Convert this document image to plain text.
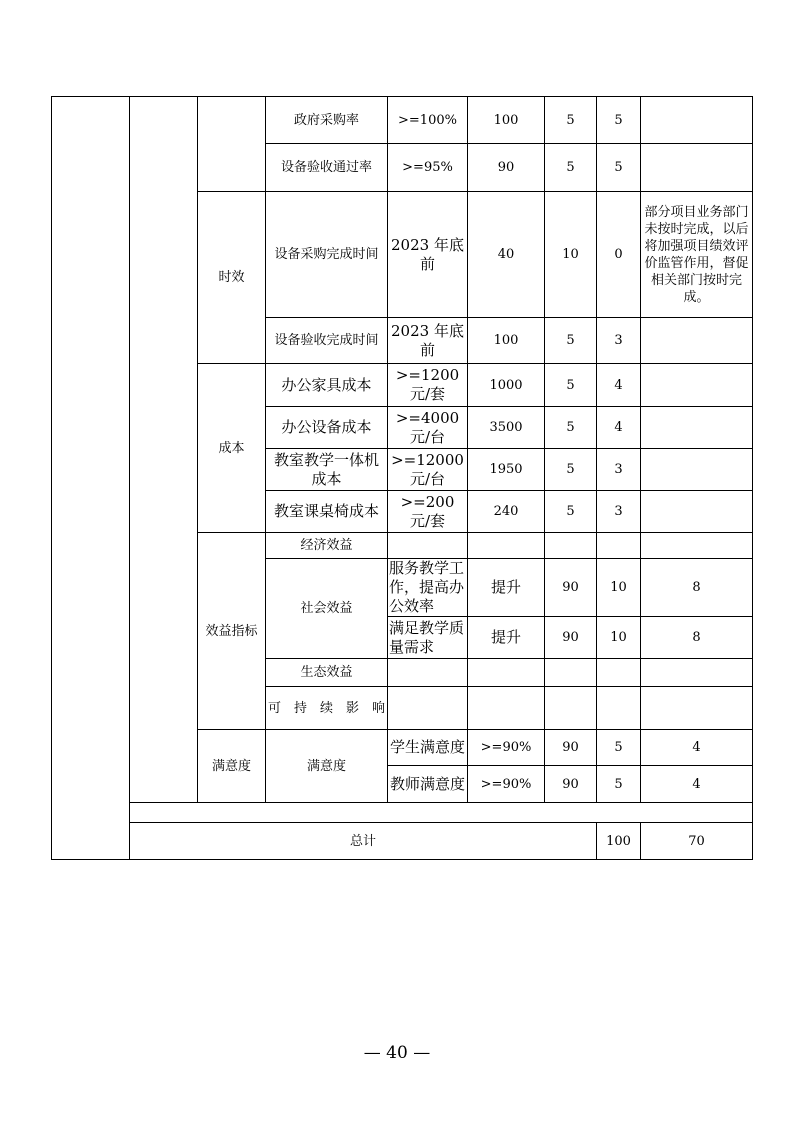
			政府采购率	>=100%	100	5	5		
			设备验收通过率	>=95%	90	5	5		
		时效	设备采购完成时间	2023 年底前	40	10	0	部分项目业务部门未按时完成，以后将加强项目绩效评价监管作用，督促相关部门按时完成。	
			设备验收完成时间	2023 年底前	100	5	3		
		成本	办公家具成本	>=1200 元/套	1000	5	4		
			办公设备成本	>=4000 元/台	3500	5	4		
			教室教学一体机成本	>=12000 元/台	1950	5	3		
			教室课桌椅成本	>=200 元/套	240	5	3		
		效益指标	经济效益						
			社会效益	服务教学工作，提高办公效率	提升	90	10	8	
				满足教学质量需求	提升	90	10	8	
			生态效益						
			可持续影响						
		满意度	满意度	学生满意度	>=90%	90	5	4	
				教师满意度	>=90%	90	5	4	

	总计						100	70	
— 40 —
